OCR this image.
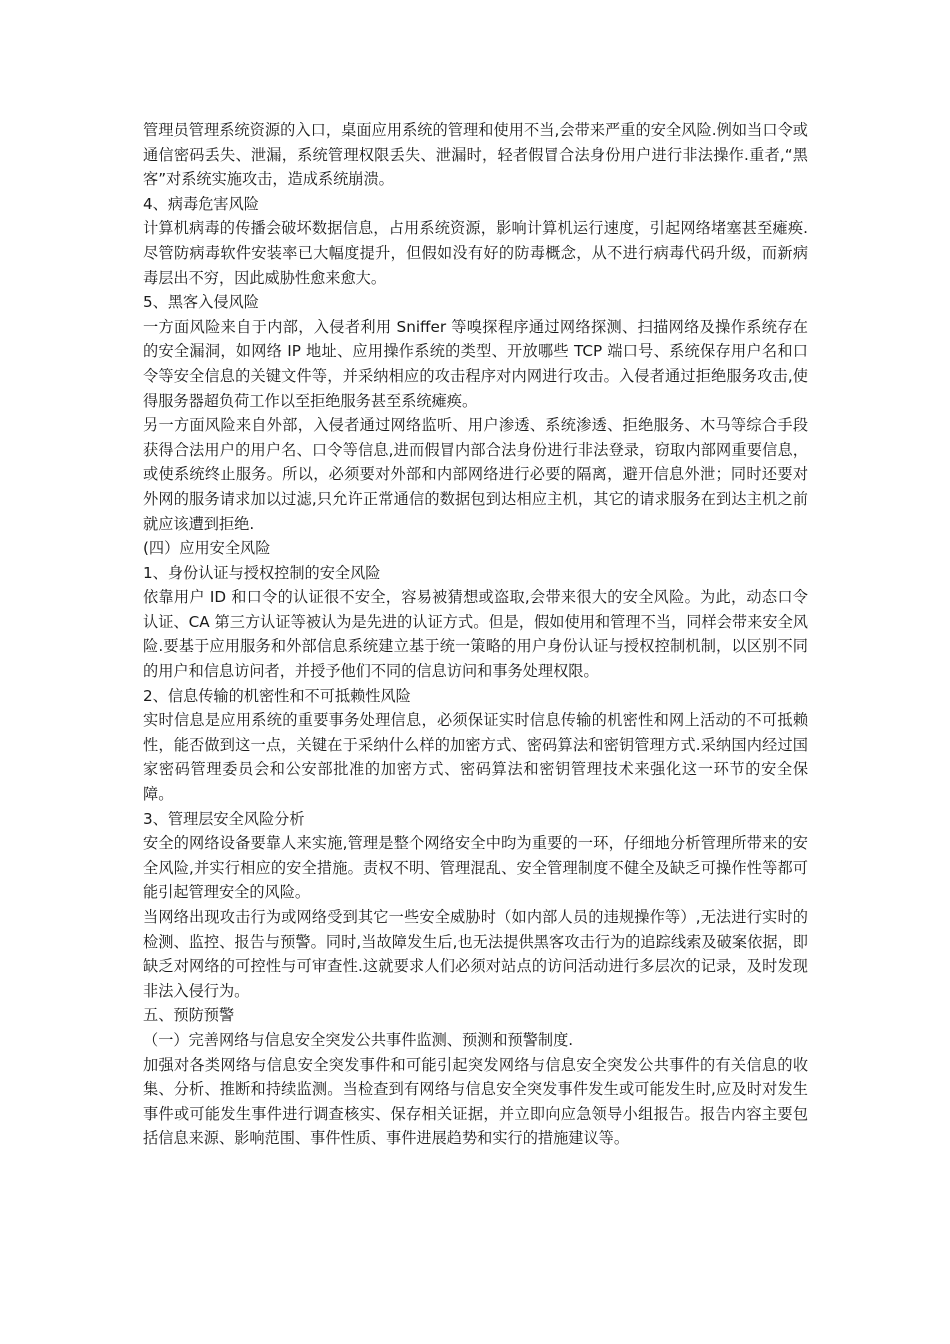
管理员管理系统资源的入口，桌面应用系统的管理和使用不当,会带来严重的安全风险.例如当口令或通信密码丢失、泄漏，系统管理权限丢失、泄漏时，轻者假冒合法身份用户进行非法操作.重者,“黑客”对系统实施攻击，造成系统崩溃。
4、病毒危害风险
计算机病毒的传播会破坏数据信息，占用系统资源，影响计算机运行速度，引起网络堵塞甚至瘫痪.尽管防病毒软件安装率已大幅度提升，但假如没有好的防毒概念，从不进行病毒代码升级，而新病毒层出不穷，因此威胁性愈来愈大。
5、黑客入侵风险
一方面风险来自于内部，入侵者利用 Sniffer 等嗅探程序通过网络探测、扫描网络及操作系统存在的安全漏洞，如网络 IP 地址、应用操作系统的类型、开放哪些 TCP 端口号、系统保存用户名和口令等安全信息的关键文件等，并采纳相应的攻击程序对内网进行攻击。入侵者通过拒绝服务攻击,使得服务器超负荷工作以至拒绝服务甚至系统瘫痪。
另一方面风险来自外部，入侵者通过网络监听、用户渗透、系统渗透、拒绝服务、木马等综合手段获得合法用户的用户名、口令等信息,进而假冒内部合法身份进行非法登录，窃取内部网重要信息，或使系统终止服务。所以，必须要对外部和内部网络进行必要的隔离，避开信息外泄；同时还要对外网的服务请求加以过滤,只允许正常通信的数据包到达相应主机，其它的请求服务在到达主机之前就应该遭到拒绝.
(四）应用安全风险
1、身份认证与授权控制的安全风险
依靠用户 ID 和口令的认证很不安全，容易被猜想或盗取,会带来很大的安全风险。为此，动态口令认证、CA 第三方认证等被认为是先进的认证方式。但是，假如使用和管理不当，同样会带来安全风险.要基于应用服务和外部信息系统建立基于统一策略的用户身份认证与授权控制机制，以区别不同的用户和信息访问者，并授予他们不同的信息访问和事务处理权限。
2、信息传输的机密性和不可抵赖性风险
实时信息是应用系统的重要事务处理信息，必须保证实时信息传输的机密性和网上活动的不可抵赖性，能否做到这一点，关键在于采纳什么样的加密方式、密码算法和密钥管理方式.采纳国内经过国家密码管理委员会和公安部批准的加密方式、密码算法和密钥管理技术来强化这一环节的安全保障。
3、管理层安全风险分析
安全的网络设备要靠人来实施,管理是整个网络安全中昀为重要的一环，仔细地分析管理所带来的安全风险,并实行相应的安全措施。责权不明、管理混乱、安全管理制度不健全及缺乏可操作性等都可能引起管理安全的风险。
当网络出现攻击行为或网络受到其它一些安全威胁时（如内部人员的违规操作等）,无法进行实时的检测、监控、报告与预警。同时,当故障发生后,也无法提供黑客攻击行为的追踪线索及破案依据，即缺乏对网络的可控性与可审查性.这就要求人们必须对站点的访问活动进行多层次的记录，及时发现非法入侵行为。
五、预防预警
（一）完善网络与信息安全突发公共事件监测、预测和预警制度.
加强对各类网络与信息安全突发事件和可能引起突发网络与信息安全突发公共事件的有关信息的收集、分析、推断和持续监测。当检查到有网络与信息安全突发事件发生或可能发生时,应及时对发生事件或可能发生事件进行调查核实、保存相关证据，并立即向应急领导小组报告。报告内容主要包括信息来源、影响范围、事件性质、事件进展趋势和实行的措施建议等。
